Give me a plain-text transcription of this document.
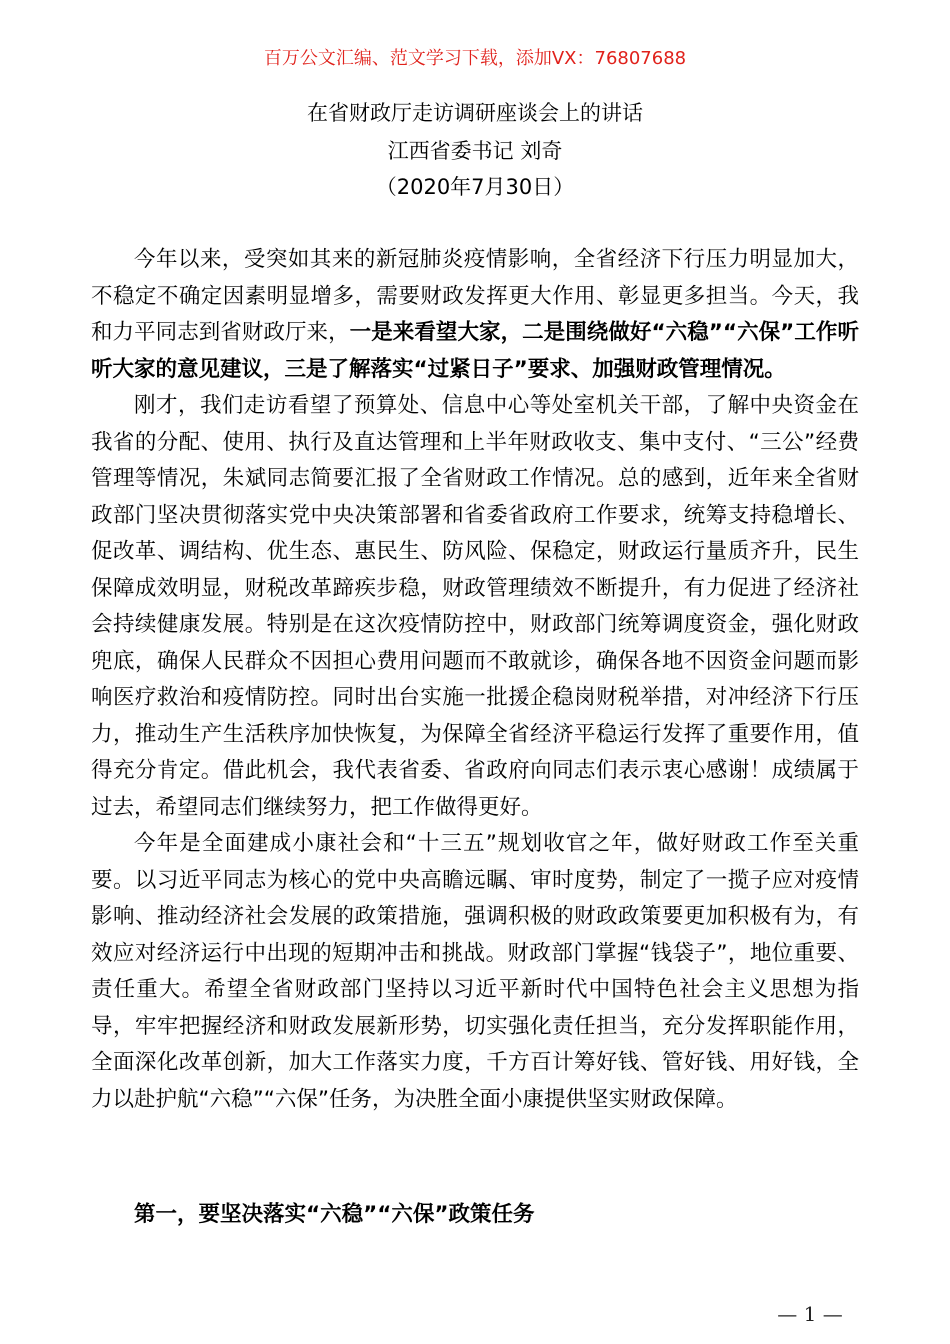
百万公文汇编、范文学习下载，添加VX：76807688
在省财政厅走访调研座谈会上的讲话
江西省委书记 刘奇
（2020年7月30日）

今年以来，受突如其来的新冠肺炎疫情影响，全省经济下行压力明显加大，不稳定不确定因素明显增多，需要财政发挥更大作用、彰显更多担当。今天，我和力平同志到省财政厅来，一是来看望大家，二是围绕做好“六稳”“六保”工作听听大家的意见建议，三是了解落实“过紧日子”要求、加强财政管理情况。

刚才，我们走访看望了预算处、信息中心等处室机关干部，了解中央资金在我省的分配、使用、执行及直达管理和上半年财政收支、集中支付、“三公”经费管理等情况，朱斌同志简要汇报了全省财政工作情况。总的感到，近年来全省财政部门坚决贯彻落实党中央决策部署和省委省政府工作要求，统筹支持稳增长、促改革、调结构、优生态、惠民生、防风险、保稳定，财政运行量质齐升，民生保障成效明显，财税改革蹄疾步稳，财政管理绩效不断提升，有力促进了经济社会持续健康发展。特别是在这次疫情防控中，财政部门统筹调度资金，强化财政兜底，确保人民群众不因担心费用问题而不敢就诊，确保各地不因资金问题而影响医疗救治和疫情防控。同时出台实施一批援企稳岗财税举措，对冲经济下行压力，推动生产生活秩序加快恢复，为保障全省经济平稳运行发挥了重要作用，值得充分肯定。借此机会，我代表省委、省政府向同志们表示衷心感谢！成绩属于过去，希望同志们继续努力，把工作做得更好。

今年是全面建成小康社会和“十三五”规划收官之年，做好财政工作至关重要。以习近平同志为核心的党中央高瞻远瞩、审时度势，制定了一揽子应对疫情影响、推动经济社会发展的政策措施，强调积极的财政政策要更加积极有为，有效应对经济运行中出现的短期冲击和挑战。财政部门掌握“钱袋子”，地位重要、责任重大。希望全省财政部门坚持以习近平新时代中国特色社会主义思想为指导，牢牢把握经济和财政发展新形势，切实强化责任担当，充分发挥职能作用，全面深化改革创新，加大工作落实力度，千方百计筹好钱、管好钱、用好钱，全力以赴护航“六稳”“六保”任务，为决胜全面小康提供坚实财政保障。

第一，要坚决落实“六稳”“六保”政策任务
— 1 —
